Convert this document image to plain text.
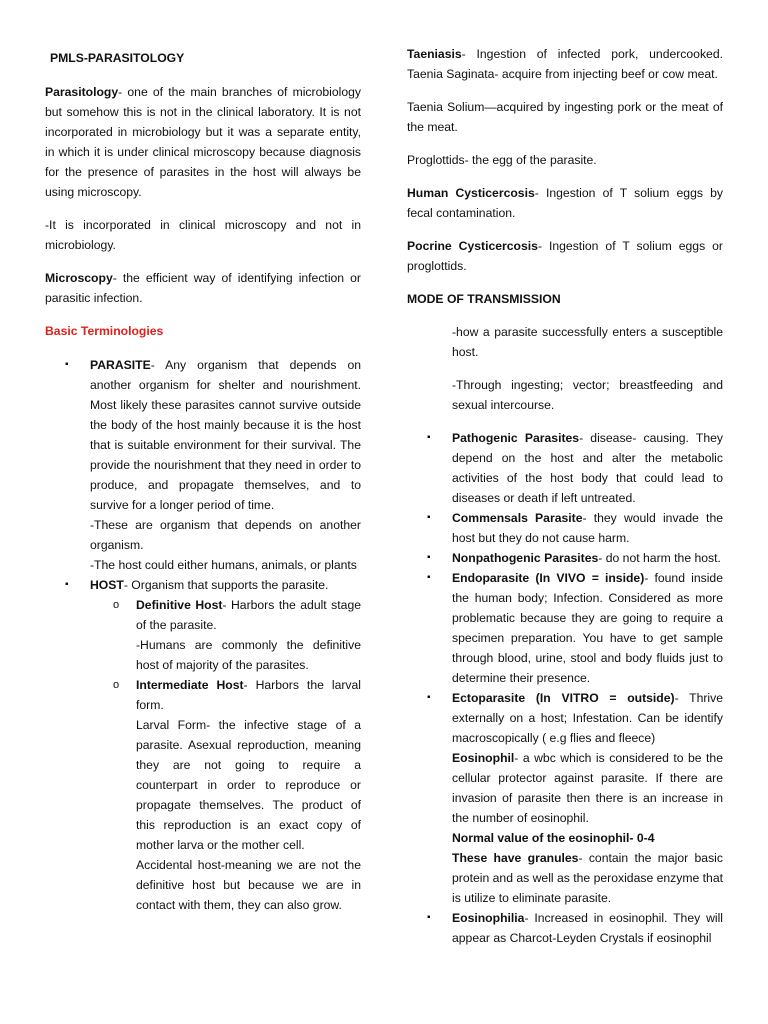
PMLS-PARASITOLOGY

Parasitology- one of the main branches of microbiology but somehow this is not in the clinical laboratory. It is not incorporated in microbiology but it was a separate entity, in which it is under clinical microscopy because diagnosis for the presence of parasites in the host will always be using microscopy.

-It is incorporated in clinical microscopy and not in microbiology.

Microscopy- the efficient way of identifying infection or parasitic infection.

Basic Terminologies

▪ PARASITE- Any organism that depends on another organism for shelter and nourishment. Most likely these parasites cannot survive outside the body of the host mainly because it is the host that is suitable environment for their survival. The provide the nourishment that they need in order to produce, and propagate themselves, and to survive for a longer period of time.
-These are organism that depends on another organism.
-The host could either humans, animals, or plants
▪ HOST- Organism that supports the parasite.
o Definitive Host- Harbors the adult stage of the parasite.
-Humans are commonly the definitive host of majority of the parasites.
o Intermediate Host- Harbors the larval form.
Larval Form- the infective stage of a parasite. Asexual reproduction, meaning they are not going to require a counterpart in order to reproduce or propagate themselves. The product of this reproduction is an exact copy of mother larva or the mother cell.
Accidental host-meaning we are not the definitive host but because we are in contact with them, they can also grow.

Taeniasis- Ingestion of infected pork, undercooked. Taenia Saginata- acquire from injecting beef or cow meat.

Taenia Solium—acquired by ingesting pork or the meat of the meat.

Proglottids- the egg of the parasite.

Human Cysticercosis- Ingestion of T solium eggs by fecal contamination.

Pocrine Cysticercosis- Ingestion of T solium eggs or proglottids.

MODE OF TRANSMISSION

-how a parasite successfully enters a susceptible host.

-Through ingesting; vector; breastfeeding and sexual intercourse.

▪ Pathogenic Parasites- disease- causing. They depend on the host and alter the metabolic activities of the host body that could lead to diseases or death if left untreated.
▪ Commensals Parasite- they would invade the host but they do not cause harm.
▪ Nonpathogenic Parasites- do not harm the host.
▪ Endoparasite (In VIVO = inside)- found inside the human body; Infection. Considered as more problematic because they are going to require a specimen preparation. You have to get sample through blood, urine, stool and body fluids just to determine their presence.
▪ Ectoparasite (In VITRO = outside)- Thrive externally on a host; Infestation. Can be identify macroscopically ( e.g flies and fleece)
Eosinophil- a wbc which is considered to be the cellular protector against parasite. If there are invasion of parasite then there is an increase in the number of eosinophil.
Normal value of the eosinophil- 0-4
These have granules- contain the major basic protein and as well as the peroxidase enzyme that is utilize to eliminate parasite.
▪ Eosinophilia- Increased in eosinophil. They will appear as Charcot-Leyden Crystals if eosinophil
